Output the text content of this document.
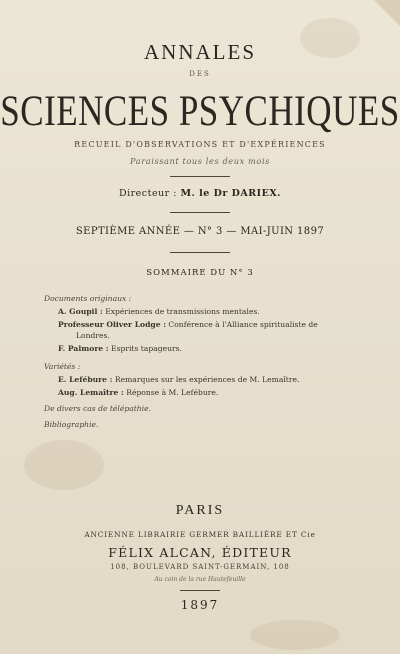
ANNALES
DES
SCIENCES PSYCHIQUES
RECUEIL D'OBSERVATIONS ET D'EXPÉRIENCES
Paraissant tous les deux mois
Directeur : M. le Dr DARIEX.
SEPTIÈME ANNÉE — N° 3 — MAI-JUIN 1897
SOMMAIRE DU N° 3
Documents originaux :
A. Goupil : Expériences de transmissions mentales.
Professeur Oliver Lodge : Conférence à l'Alliance spiritualiste de
Londres.
F. Palmore : Esprits tapageurs.
Variétés :
E. Lefébure : Remarques sur les expériences de M. Lemaître.
Aug. Lemaître : Réponse à M. Lefébure.
De divers cas de télépathie.
Bibliographie.
PARIS
ANCIENNE LIBRAIRIE GERMER BAILLIÈRE ET Cie
FÉLIX ALCAN, ÉDITEUR
108, BOULEVARD SAINT-GERMAIN, 108
Au coin de la rue Hautefeuille
1897
